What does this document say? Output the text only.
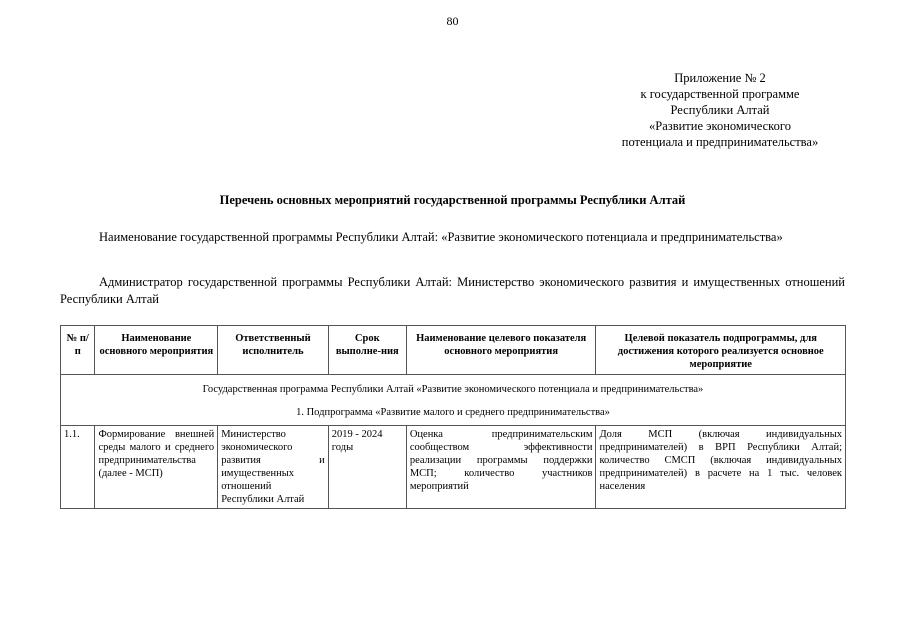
80
Приложение № 2
к государственной программе
Республики Алтай
«Развитие экономического
потенциала и предпринимательства»
Перечень основных мероприятий государственной программы Республики Алтай
Наименование государственной программы Республики Алтай: «Развитие экономического потенциала и предпринимательства»
Администратор государственной программы Республики Алтай: Министерство экономического развития и имущественных отношений Республики Алтай
№ п/п	Наименование основного мероприятия	Ответственный исполнитель	Срок выполне-ния	Наименование целевого показателя основного мероприятия	Целевой показатель подпрограммы, для достижения которого реализуется основное мероприятие

Государственная программа Республики Алтай «Развитие экономического потенциала и предпринимательства»
1. Подпрограмма «Развитие малого и среднего предпринимательства»					

1.1.	Формирование внешней среды малого и среднего предпринимательства (далее - МСП)	Министерство экономического развития и имущественных отношений Республики Алтай	2019 - 2024 годы	Оценка предпринимательским сообществом эффективности реализации программы поддержки МСП; количество участников мероприятий	Доля МСП (включая индивидуальных предпринимателей) в ВРП Республики Алтай; количество СМСП (включая индивидуальных предпринимателей) в расчете на 1 тыс. человек населения
